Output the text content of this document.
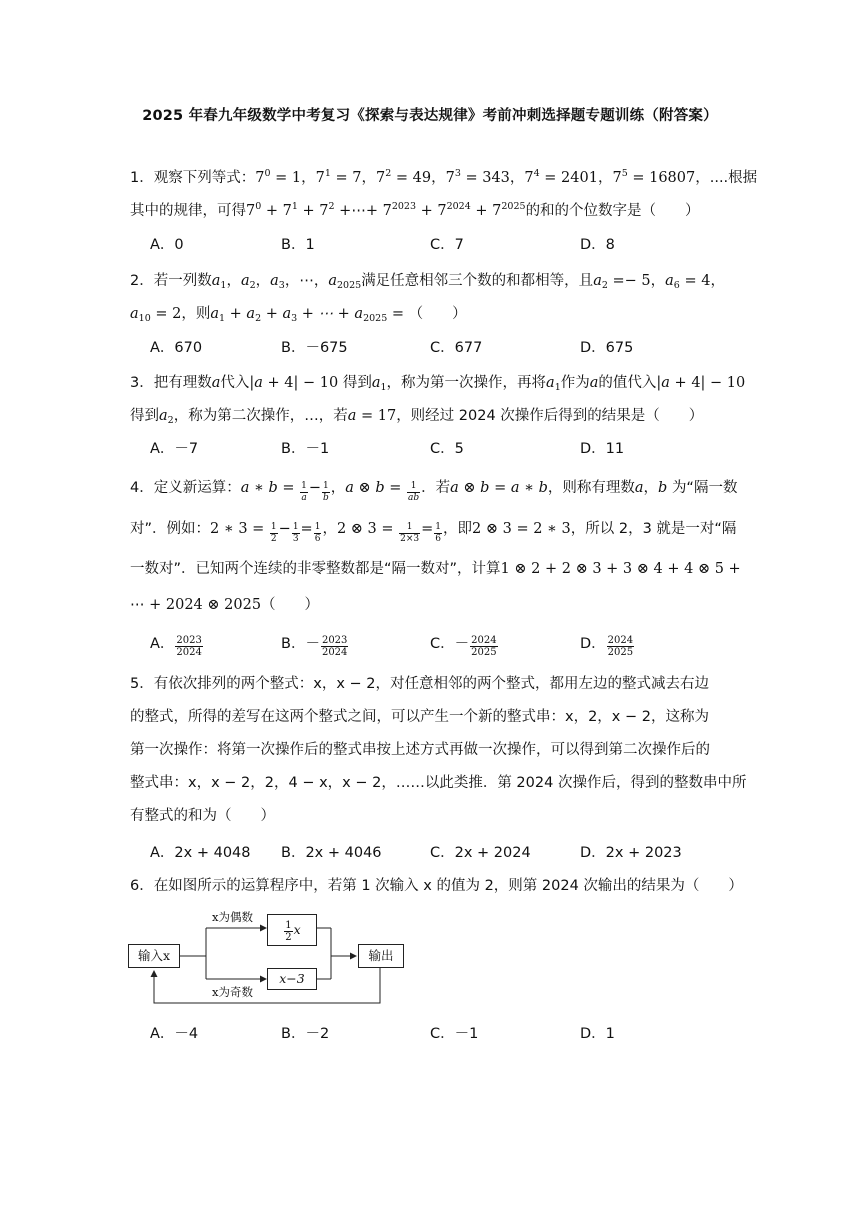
2025 年春九年级数学中考复习《探索与表达规律》考前冲刺选择题专题训练（附答案）
1．观察下列等式：$7^0 = 1$，$7^1 = 7$，$7^2 = 49$，$7^3 = 343$，$7^4 = 2401$，$7^5 = 16807$，....根据
其中的规律，可得$7^0 + 7^1 + 7^2$ +⋯+ $7^{2023} + 7^{2024} + 7^{2025}$的和的个位数字是（　　）
A．0	B．1	C．7	D．8
2．若一列数$a_1$，$a_2$，$a_3$，⋯，$a_{2025}$满足任意相邻三个数的和都相等，且$a_2 =- 5$，$a_6 = 4$，
$a_{10} = 2$，则$a_1 + a_2 + a_3$ + ⋯ + $a_{2025}$ = （　　）
A．670	B．－675	C．677	D．675
3．把有理数a代入|a + 4| − 10 得到$a_1$，称为第一次操作，再将$a_1$作为a的值代入|a + 4| − 10
得到$a_2$，称为第二次操作，…，若a = 17，则经过 2024 次操作后得到的结果是（　　）
A．－7	B．－1	C．5	D．11
4．定义新运算：a ∗ $b = \frac{1}{a} - \frac{1}{b}$ ，a ⊗ $b = \frac{1}{ab}$ ．若a ⊗ b = a ∗ b，则称有理数a，b 为“隔一数
对”．例如：2 ∗ $3 = \frac{1}{2} - \frac{1}{3} = \frac{1}{6}$ ，2 ⊗ $3 = \frac{1}{2\times 3} = \frac{1}{6}$ ，即2 ⊗ 3 = 2 ∗ 3，所以 2，3 就是一对“隔
一数对”．已知两个连续的非零整数都是“隔一数对”，计算1 ⊗ 2 + 2 ⊗ 3 + 3 ⊗ 4 + 4 ⊗ 5 +
⋯ + 2024 ⊗ 2025（　　）
A． $\frac{2023}{2024}$	B．－ $\frac{2023}{2024}$	C．－ $\frac{2024}{2025}$	D． $\frac{2024}{2025}$
5．有依次排列的两个整式：x，x − 2，对任意相邻的两个整式，都用左边的整式减去右边
的整式，所得的差写在这两个整式之间，可以产生一个新的整式串：x，2，x − 2，这称为
第一次操作：将第一次操作后的整式串按上述方式再做一次操作，可以得到第二次操作后的
整式串：x，x − 2，2，4 − x，x − 2，……以此类推．第 2024 次操作后，得到的整数串中所
有整式的和为（　　）
A．2x + 4048 B．2x + 4046	C．2x + 2024	D．2x + 2023
6．在如图所示的运算程序中，若第 1 次输入 x 的值为 2，则第 2024 次输出的结果为（　　）
输入x
x为偶数
x为奇数
$\frac{1}{2}$ x
x−3
输出
A．－4	B．－2	C．－1	D．1
